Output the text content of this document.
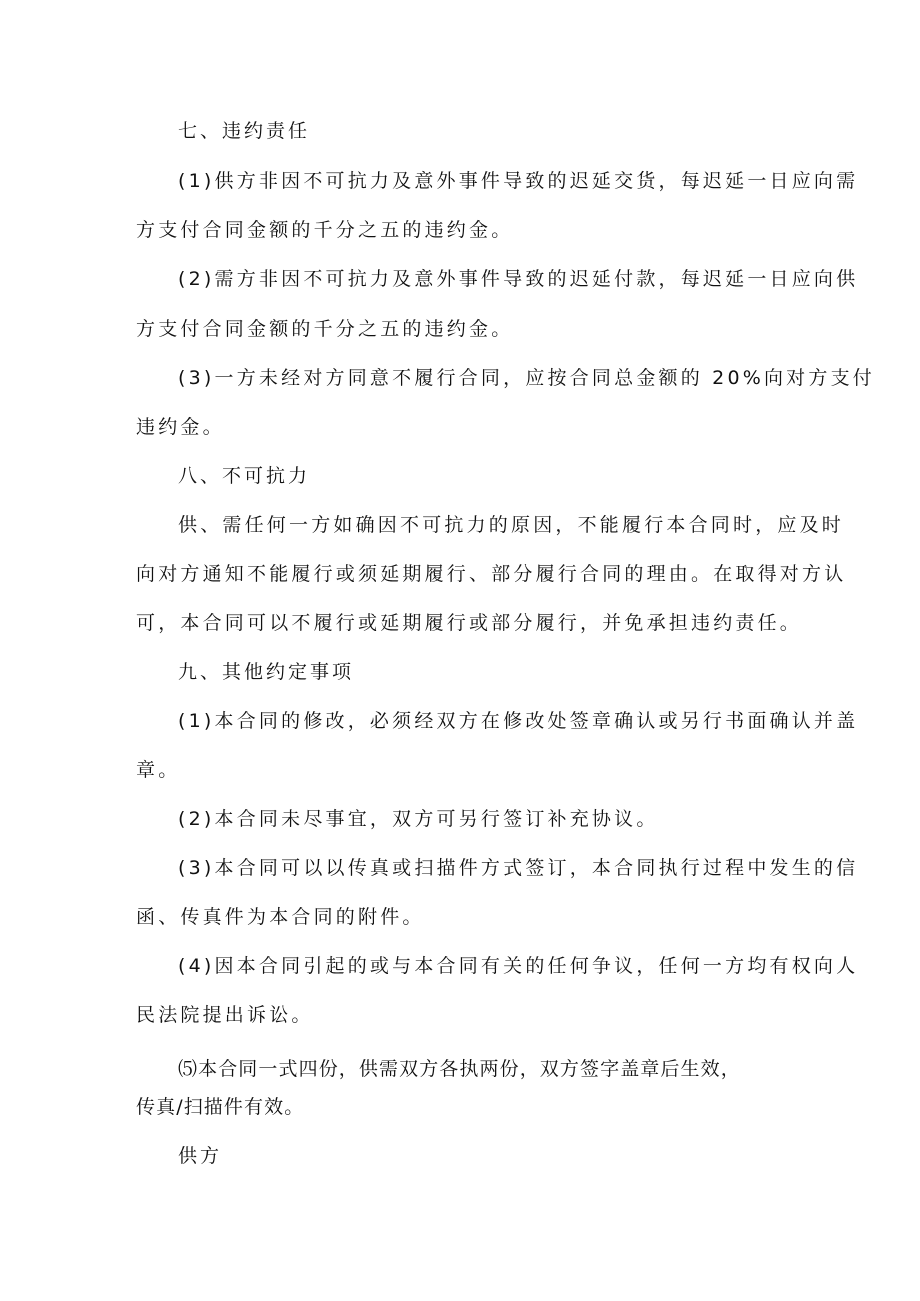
七、违约责任
(1)供方非因不可抗力及意外事件导致的迟延交货，每迟延一日应向需
方支付合同金额的千分之五的违约金。
(2)需方非因不可抗力及意外事件导致的迟延付款，每迟延一日应向供
方支付合同金额的千分之五的违约金。
(3)一方未经对方同意不履行合同，应按合同总金额的 20%向对方支付
违约金。
八、不可抗力
供、需任何一方如确因不可抗力的原因，不能履行本合同时，应及时
向对方通知不能履行或须延期履行、部分履行合同的理由。在取得对方认
可，本合同可以不履行或延期履行或部分履行，并免承担违约责任。
九、其他约定事项
(1)本合同的修改，必须经双方在修改处签章确认或另行书面确认并盖
章。
(2)本合同未尽事宜，双方可另行签订补充协议。
(3)本合同可以以传真或扫描件方式签订，本合同执行过程中发生的信
函、传真件为本合同的附件。
(4)因本合同引起的或与本合同有关的任何争议，任何一方均有权向人
民法院提出诉讼。
⑸本合同一式四份，供需双方各执两份，双方签字盖章后生效，
传真/扫描件有效。
供方
